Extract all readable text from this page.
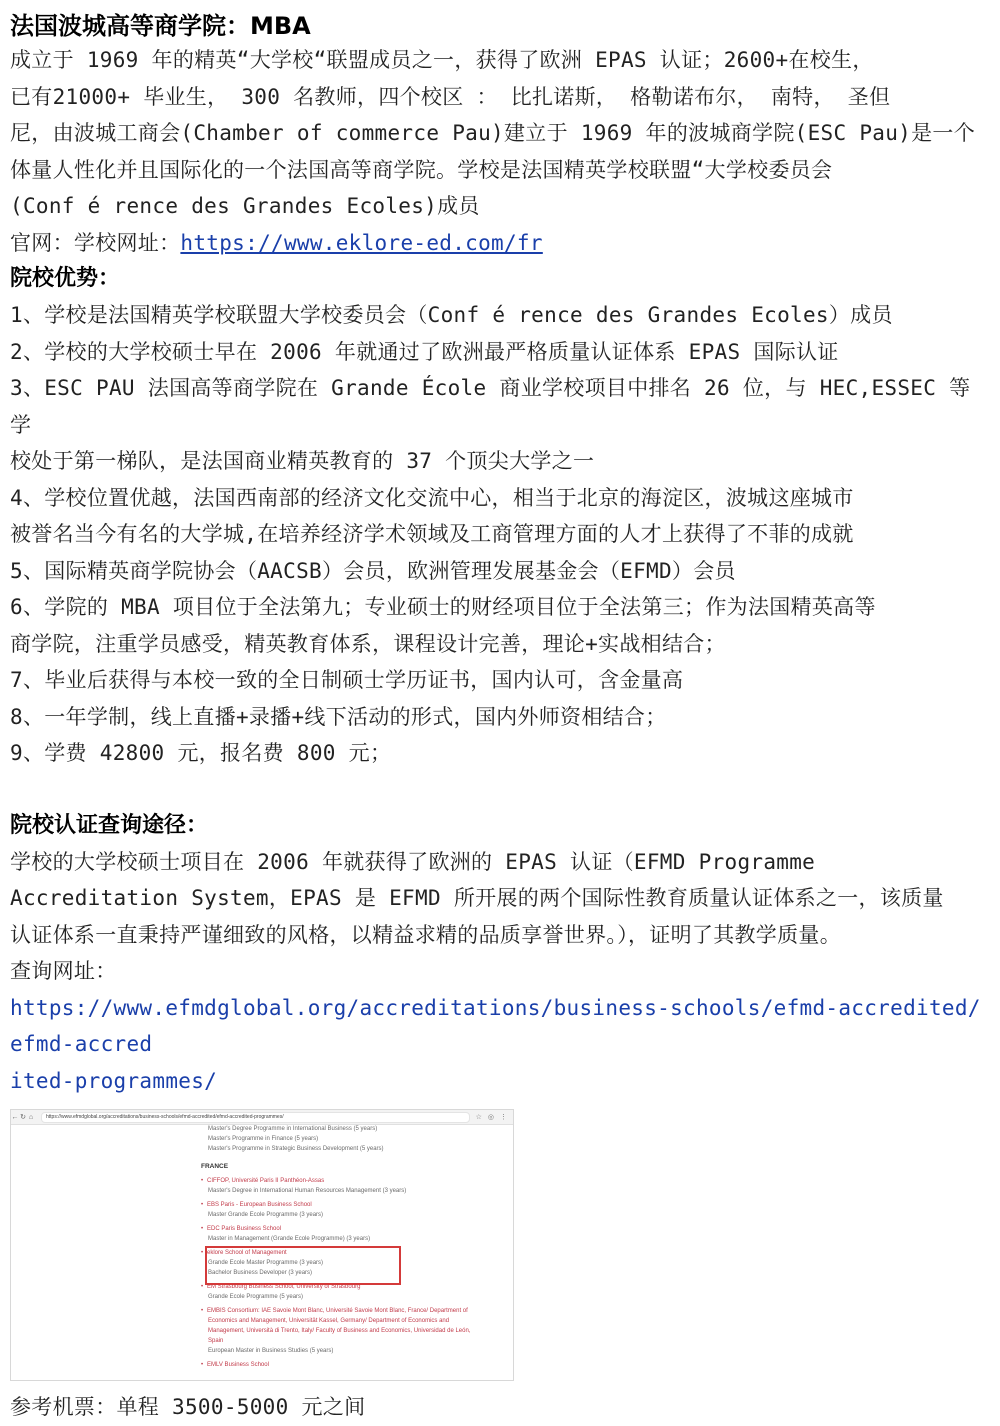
法国波城高等商学院：MBA

成立于 1969 年的精英“大学校“联盟成员之一，获得了欧洲 EPAS 认证；2600+在校生，

已有21000+ 毕业生， 300 名教师，四个校区 ： 比扎诺斯， 格勒诺布尔， 南特， 圣但

尼，由波城工商会(Chamber of commerce Pau)建立于 1969 年的波城商学院(ESC Pau)是一个

体量人性化并且国际化的一个法国高等商学院。学校是法国精英学校联盟“大学校委员会

(Conf é rence des Grandes Ecoles)成员

官网：学校网址：https://www.eklore-ed.com/fr

院校优势：

1、学校是法国精英学校联盟大学校委员会（Conf é rence des Grandes Ecoles）成员

2、学校的大学校硕士早在 2006 年就通过了欧洲最严格质量认证体系 EPAS 国际认证

3、ESC PAU 法国高等商学院在 Grande École 商业学校项目中排名 26 位，与 HEC,ESSEC 等

学

校处于第一梯队，是法国商业精英教育的 37 个顶尖大学之一

4、学校位置优越，法国西南部的经济文化交流中心，相当于北京的海淀区，波城这座城市

被誉名当今有名的大学城,在培养经济学术领域及工商管理方面的人才上获得了不菲的成就

5、国际精英商学院协会（AACSB）会员，欧洲管理发展基金会（EFMD）会员

6、学院的 MBA 项目位于全法第九；专业硕士的财经项目位于全法第三；作为法国精英高等

商学院，注重学员感受，精英教育体系，课程设计完善，理论+实战相结合；

7、毕业后获得与本校一致的全日制硕士学历证书，国内认可，含金量高

8、一年学制，线上直播+录播+线下活动的形式，国内外师资相结合；

9、学费 42800 元，报名费 800 元；

院校认证查询途径：

学校的大学校硕士项目在 2006 年就获得了欧洲的 EPAS 认证（EFMD Programme

Accreditation System，EPAS 是 EFMD 所开展的两个国际性教育质量认证体系之一，该质量

认证体系一直秉持严谨细致的风格，以精益求精的品质享誉世界。），证明了其教学质量。

查询网址：

https://www.efmdglobal.org/accreditations/business-schools/efmd-accredited/efmd-accred

ited-programmes/

← ↻ ⌂	https://www.efmdglobal.org/accreditations/business-schools/efmd-accredited/efmd-accredited-programmes/	☆ ◎ ⋮
Master's Degree Programme in International Business (5 years)
Master's Programme in Finance (5 years)
Master's Programme in Strategic Business Development (5 years)
FRANCE
• CIFFOP, Université Paris II Panthéon-Assas
Master's Degree in International Human Resources Management (3 years)
• EBS Paris - European Business School
Master Grande Ecole Programme (3 years)
• EDC Paris Business School
Master in Management (Grande Ecole Programme) (3 years)
• eklore School of Management
Grande Ecole Master Programme (3 years)
Bachelor Business Developer (3 years)
• EM Strasbourg Business School, University of Strasbourg
Grande Ecole Programme (5 years)
• EMBIS Consortium: IAE Savoie Mont Blanc, Université Savoie Mont Blanc, France/ Department of
Economics and Management, Universität Kassel, Germany/ Department of Economics and
Management, Università di Trento, Italy/ Faculty of Business and Economics, Universidad de León,
Spain
European Master in Business Studies (5 years)
• EMLV Business School

参考机票：单程 3500-5000 元之间
